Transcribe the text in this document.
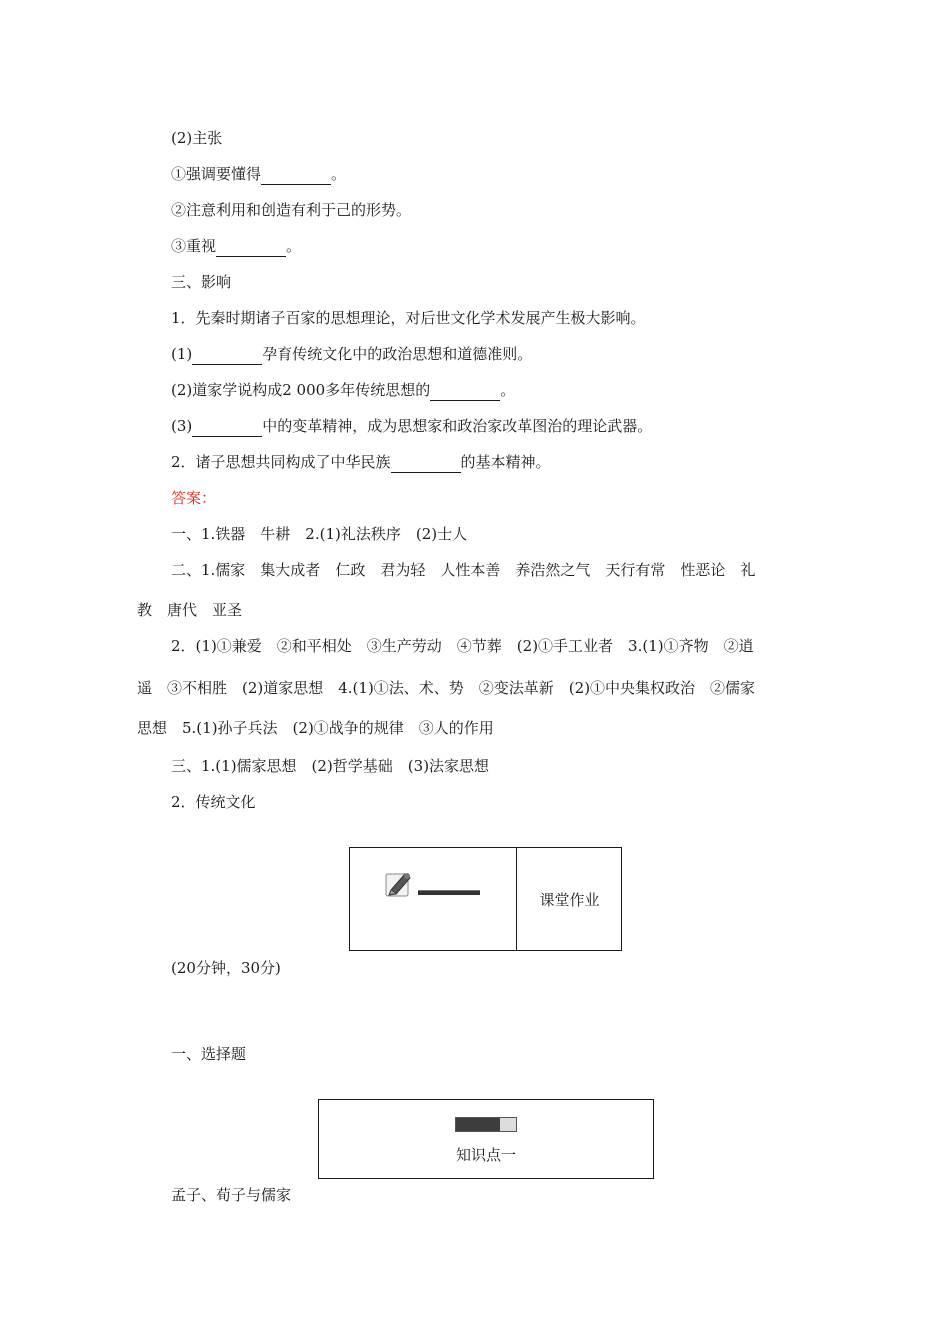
(2)主张
①强调要懂得	。
②注意利用和创造有利于己的形势。
③重视	。
三、影响
1．先秦时期诸子百家的思想理论，对后世文化学术发展产生极大影响。
(1)	孕育传统文化中的政治思想和道德准则。
(2)道家学说构成2 000多年传统思想的	。
(3)	中的变革精神，成为思想家和政治家改革图治的理论武器。
2．诸子思想共同构成了中华民族	的基本精神。
一、1.铁器　牛耕　2.(1)礼法秩序　(2)士人
二、1.儒家　集大成者　仁政　君为轻　人性本善　养浩然之气　天行有常　性恶论　礼
教　唐代　亚圣
2．(1)①兼爱　②和平相处　③生产劳动　④节葬　(2)①手工业者　3.(1)①齐物　②逍
遥　③不相胜　(2)道家思想　4.(1)①法、术、势　②变法革新　(2)①中央集权政治　②儒家
思想　5.(1)孙子兵法　(2)①战争的规律　③人的作用
三、1.(1)儒家思想　(2)哲学基础　(3)法家思想
2．传统文化
(20分钟，30分)
一、选择题
孟子、荀子与儒家
答案：
课堂作业
知识点一
